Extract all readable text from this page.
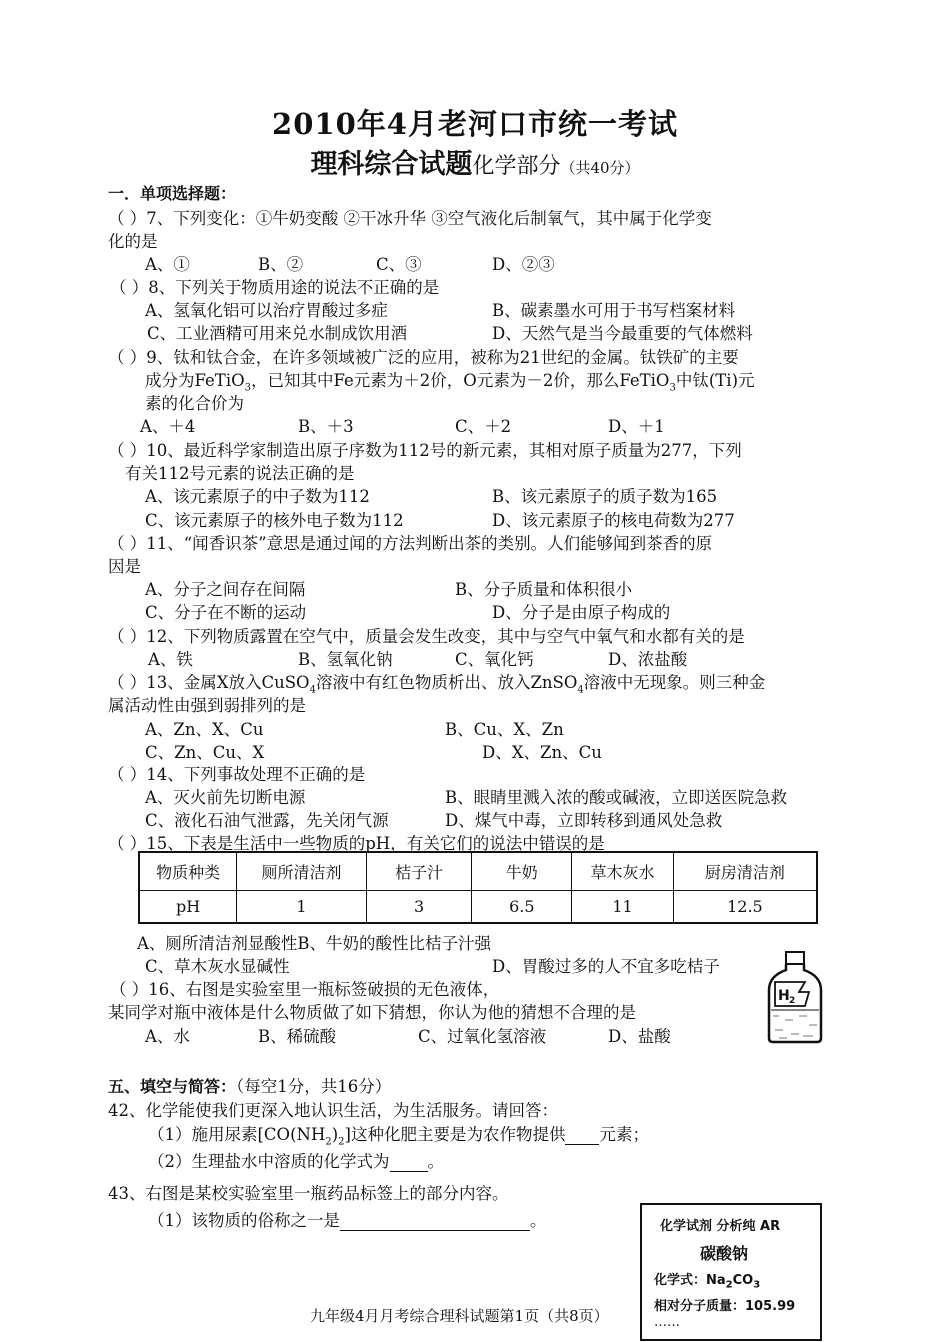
2010年4月老河口市统一考试
理科综合试题化学部分（共40分）
一．单项选择题：
（ ）7、下列变化：①牛奶变酸 ②干冰升华 ③空气液化后制氧气，其中属于化学变
化的是
A、①	B、②	C、③	D、②③
（ ）8、下列关于物质用途的说法不正确的是
A、氢氧化铝可以治疗胃酸过多症	B、碳素墨水可用于书写档案材料
C、工业酒精可用来兑水制成饮用酒	D、天然气是当今最重要的气体燃料
（ ）9、钛和钛合金，在许多领域被广泛的应用，被称为21世纪的金属。钛铁矿的主要
成分为FeTiO$_3$，已知其中Fe元素为＋2价，O元素为－2价，那么FeTiO$_3$中钛(Ti)元
素的化合价为
A、＋4	B、＋3	C、＋2	D、＋1
（ ）10、最近科学家制造出原子序数为112号的新元素，其相对原子质量为277，下列
有关112号元素的说法正确的是
A、该元素原子的中子数为112	B、该元素原子的质子数为165
C、该元素原子的核外电子数为112	D、该元素原子的核电荷数为277
（ ）11、“闻香识茶”意思是通过闻的方法判断出茶的类别。人们能够闻到茶香的原
因是
A、分子之间存在间隔	B、分子质量和体积很小
C、分子在不断的运动	D、分子是由原子构成的
（ ）12、下列物质露置在空气中，质量会发生改变，其中与空气中氧气和水都有关的是
A、铁	B、氢氧化钠	C、氧化钙	D、浓盐酸
（ ）13、金属X放入CuSO$_4$溶液中有红色物质析出、放入ZnSO$_4$溶液中无现象。则三种金
属活动性由强到弱排列的是
A、Zn、X、Cu	B、Cu、X、Zn
C、Zn、Cu、X	D、X、Zn、Cu
（ ）14、下列事故处理不正确的是
A、灭火前先切断电源	B、眼睛里溅入浓的酸或碱液，立即送医院急救
C、液化石油气泄露，先关闭气源	D、煤气中毒，立即转移到通风处急救
（ ）15、下表是生活中一些物质的pH，有关它们的说法中错误的是
物质种类	厕所清洁剂	桔子汁	牛奶	草木灰水	厨房清洁剂
pH	1	3	6.5	11	12.5
A、厕所清洁剂显酸性B、牛奶的酸性比桔子汁强
C、草木灰水显碱性	D、胃酸过多的人不宜多吃桔子
（ ）16、右图是实验室里一瓶标签破损的无色液体，
某同学对瓶中液体是什么物质做了如下猜想，你认为他的猜想不合理的是
A、水	B、稀硫酸	C、过氧化氢溶液	D、盐酸
H 2
五、填空与简答：（每空1分，共16分）
42、化学能使我们更深入地认识生活，为生活服务。请回答：
（1）施用尿素$[CO(NH_2)_2]$这种化肥主要是为农作物提供 元素；
（2）生理盐水中溶质的化学式为 。
43、右图是某校实验室里一瓶药品标签上的部分内容。
（1）该物质的俗称之一是	。	化学试剂 分析纯 AR
碳酸钠
化学式：$Na_2CO_3$
相对分子质量：105.99
……
九年级4月月考综合理科试题第1页（共8页）
